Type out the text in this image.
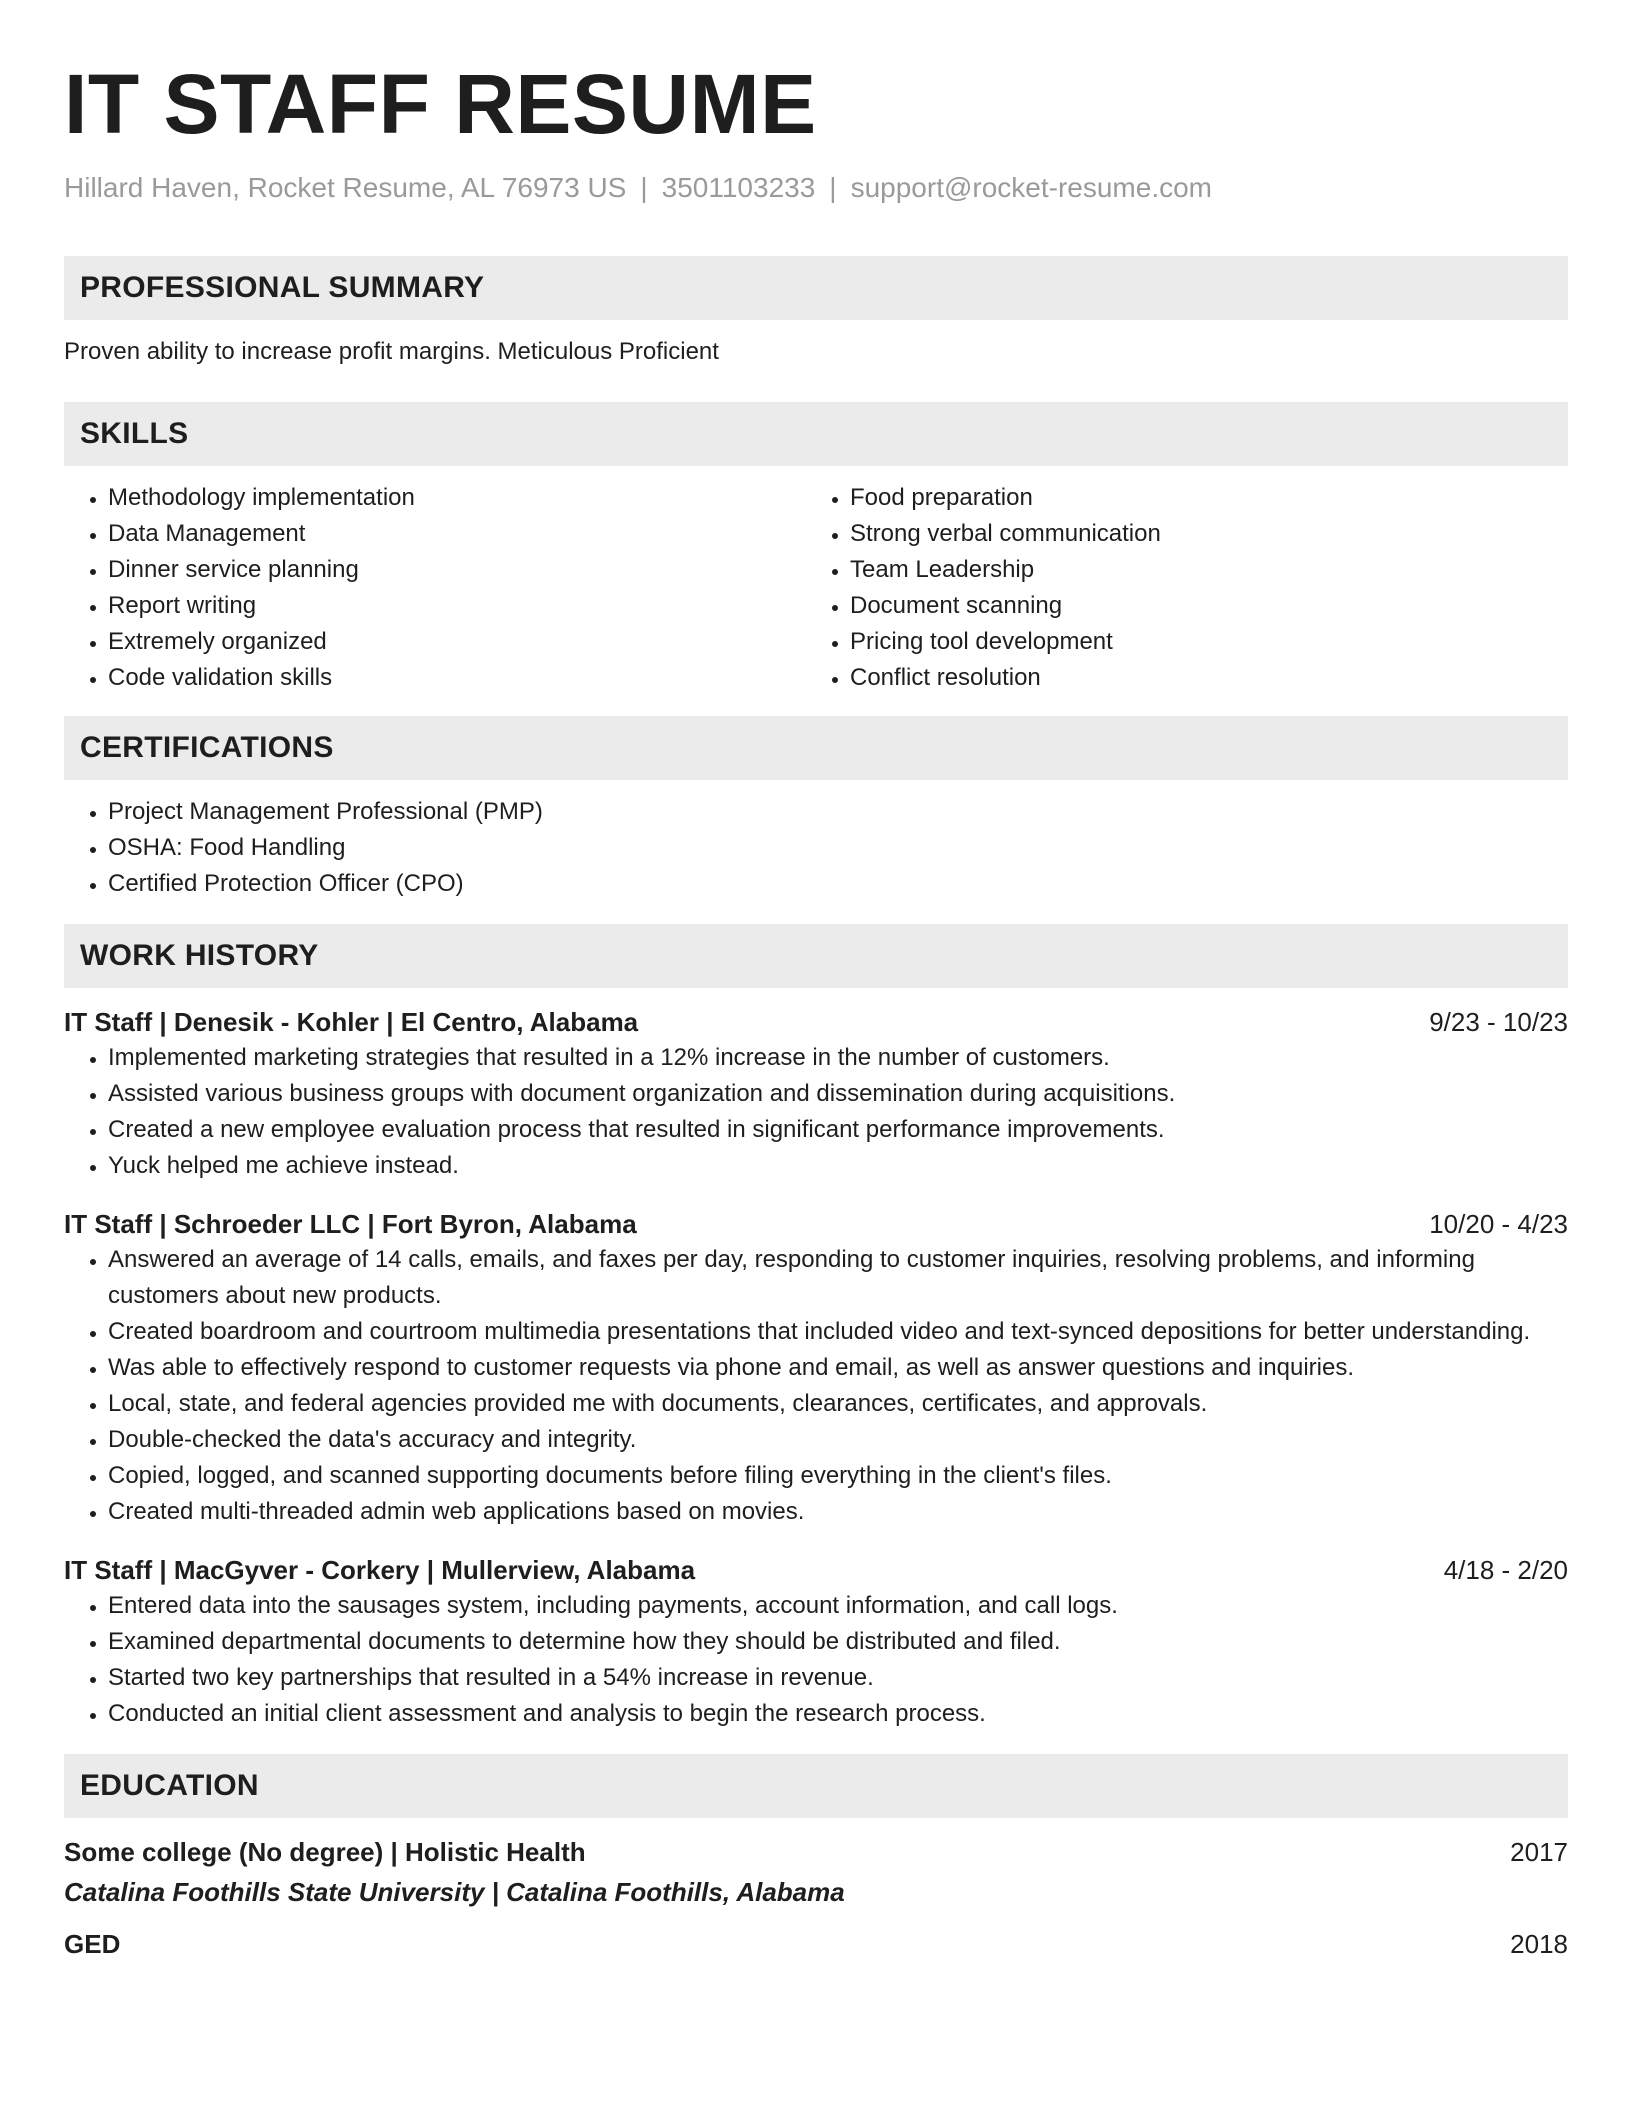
IT STAFF RESUME
Hillard Haven, Rocket Resume, AL 76973 US | 3501103233 | support@rocket-resume.com
PROFESSIONAL SUMMARY
Proven ability to increase profit margins. Meticulous Proficient
SKILLS
• Methodology implementation
• Data Management
• Dinner service planning
• Report writing
• Extremely organized
• Code validation skills
• Food preparation
• Strong verbal communication
• Team Leadership
• Document scanning
• Pricing tool development
• Conflict resolution
CERTIFICATIONS
• Project Management Professional (PMP)
• OSHA: Food Handling
• Certified Protection Officer (CPO)
WORK HISTORY
IT Staff | Denesik - Kohler | El Centro, Alabama	9/23 - 10/23
• Implemented marketing strategies that resulted in a 12% increase in the number of customers.
• Assisted various business groups with document organization and dissemination during acquisitions.
• Created a new employee evaluation process that resulted in significant performance improvements.
• Yuck helped me achieve instead.
IT Staff | Schroeder LLC | Fort Byron, Alabama	10/20 - 4/23
• Answered an average of 14 calls, emails, and faxes per day, responding to customer inquiries, resolving problems, and informing customers about new products.
• Created boardroom and courtroom multimedia presentations that included video and text-synced depositions for better understanding.
• Was able to effectively respond to customer requests via phone and email, as well as answer questions and inquiries.
• Local, state, and federal agencies provided me with documents, clearances, certificates, and approvals.
• Double-checked the data's accuracy and integrity.
• Copied, logged, and scanned supporting documents before filing everything in the client's files.
• Created multi-threaded admin web applications based on movies.
IT Staff | MacGyver - Corkery | Mullerview, Alabama	4/18 - 2/20
• Entered data into the sausages system, including payments, account information, and call logs.
• Examined departmental documents to determine how they should be distributed and filed.
• Started two key partnerships that resulted in a 54% increase in revenue.
• Conducted an initial client assessment and analysis to begin the research process.
EDUCATION
Some college (No degree) | Holistic Health	2017
Catalina Foothills State University | Catalina Foothills, Alabama
GED	2018
